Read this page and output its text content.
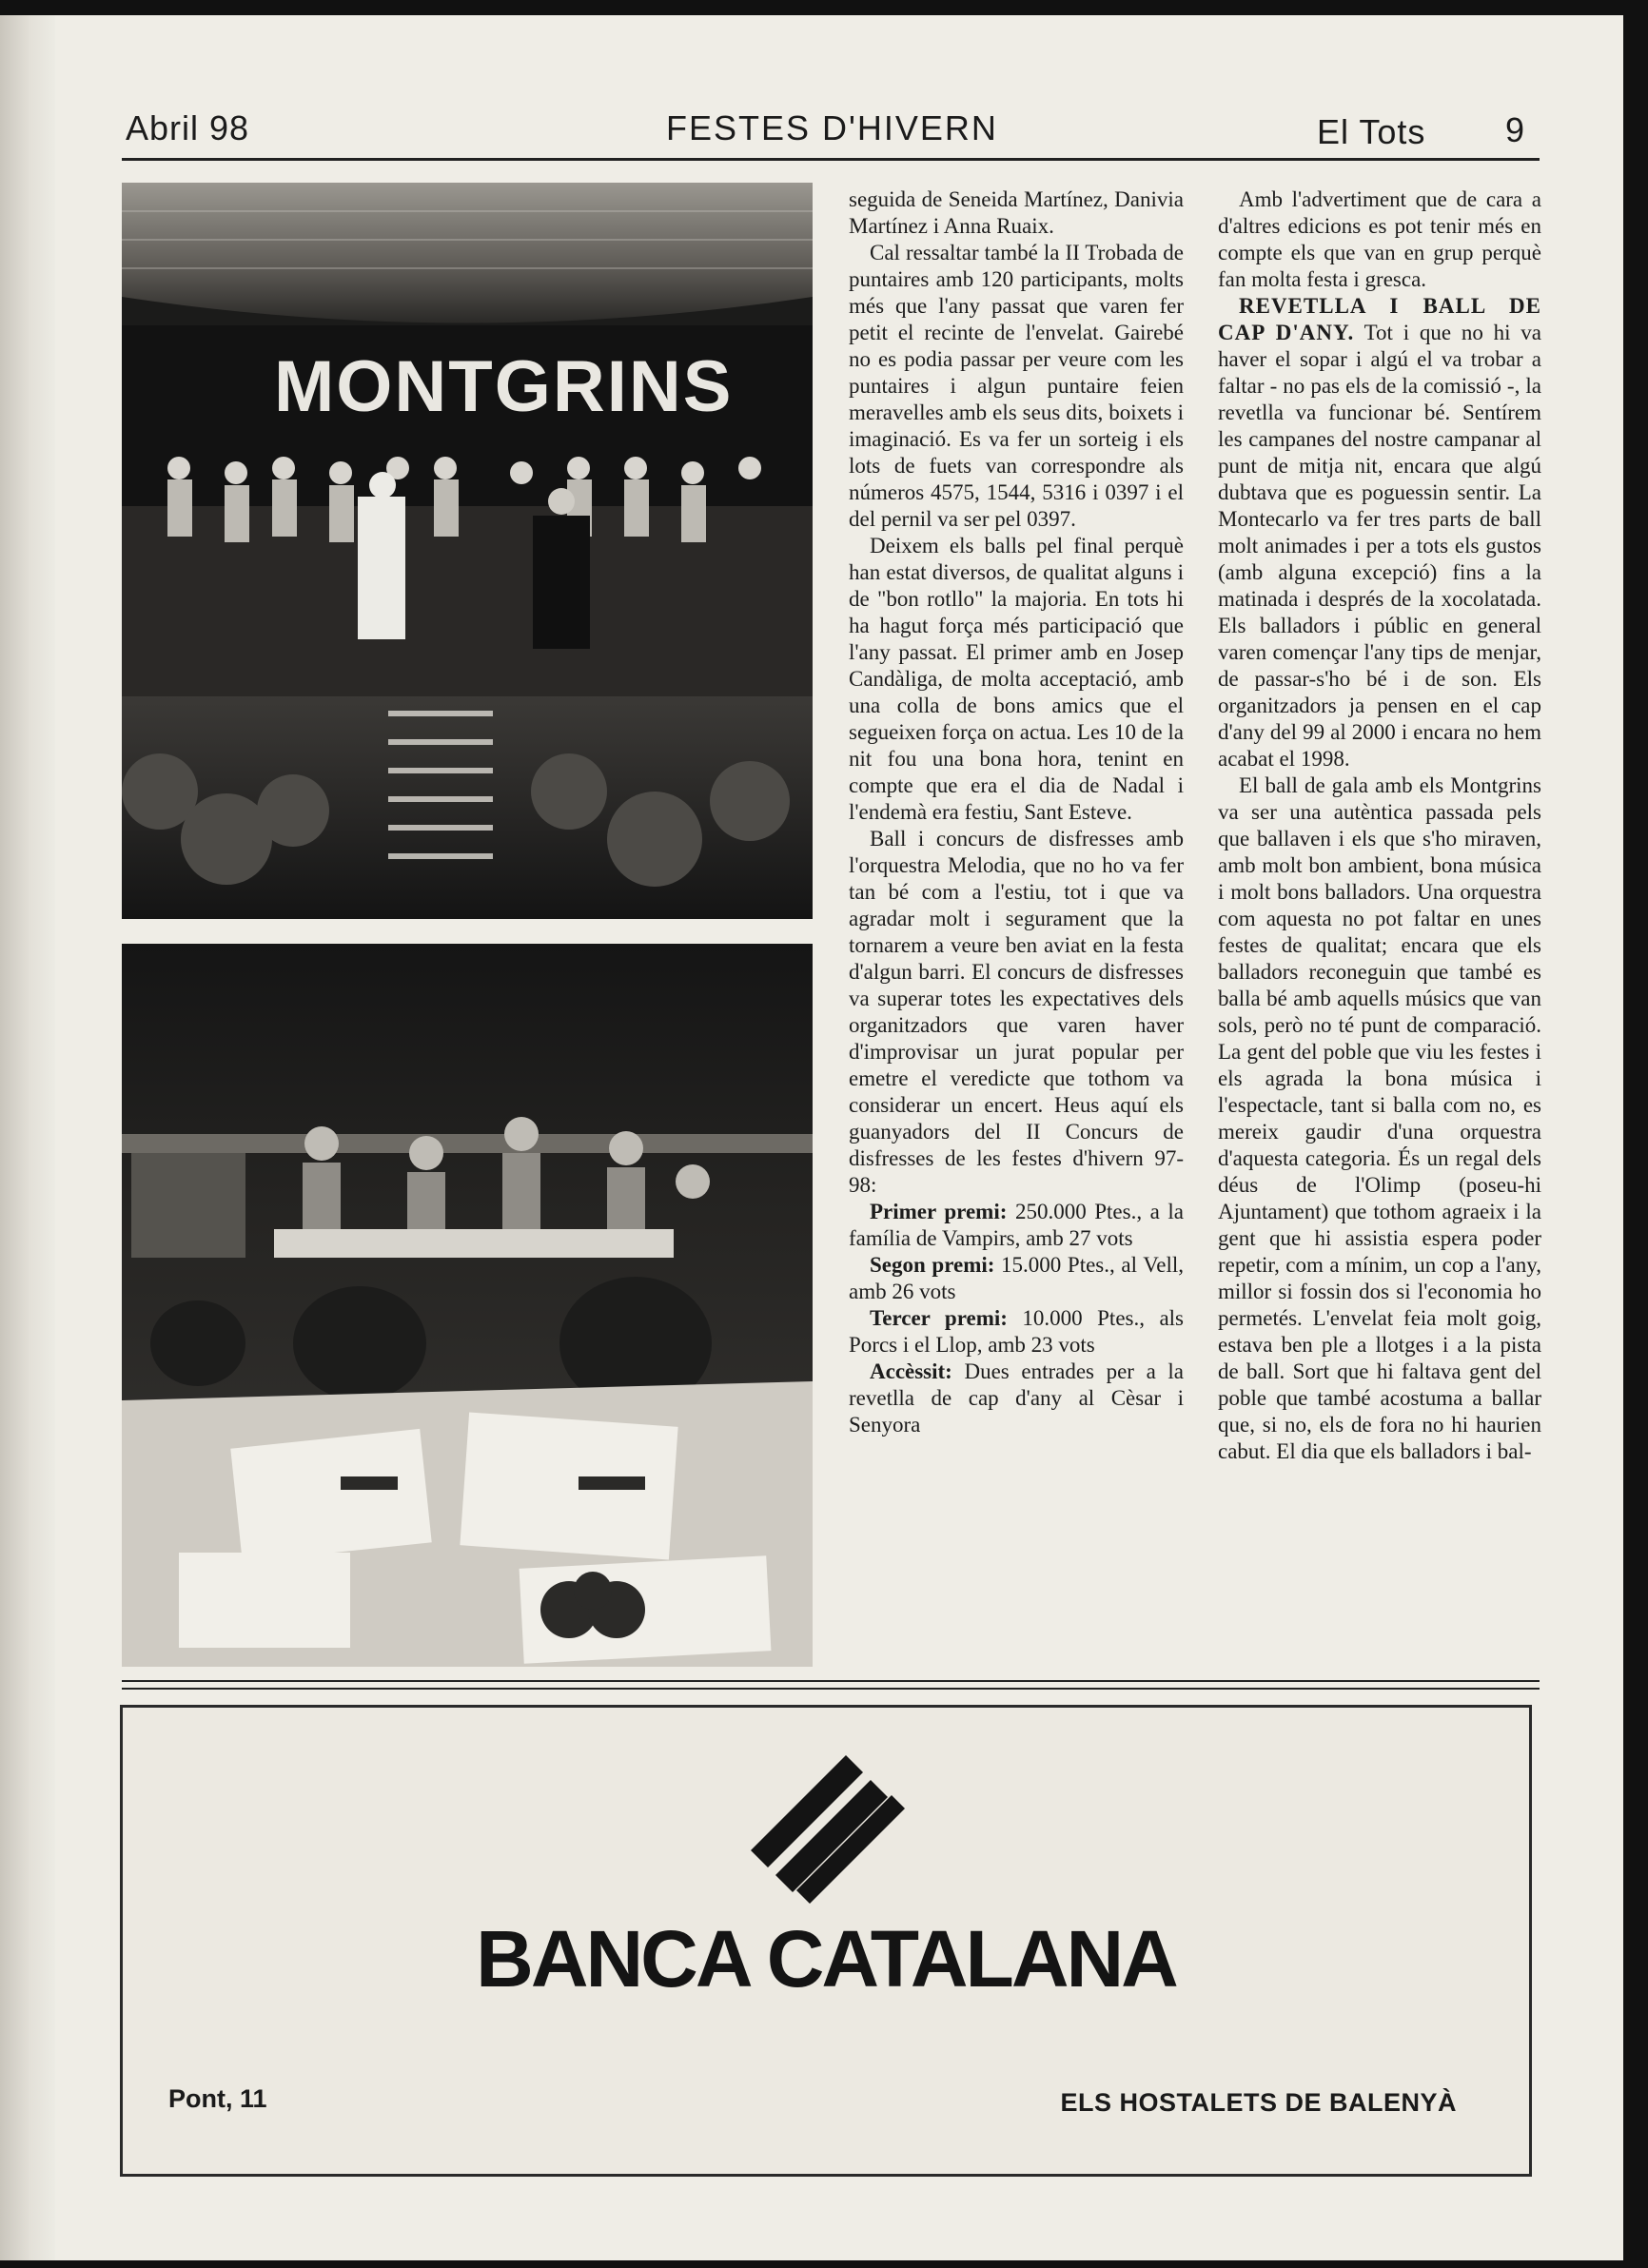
Abril 98	FESTES D'HIVERN	El Tots 9
MONTGRINS

seguida de Seneida Martínez, Danivia Martínez i Anna Ruaix.

Cal ressaltar també la II Trobada de puntaires amb 120 participants, molts més que l'any passat que varen fer petit el recinte de l'envelat. Gairebé no es podia passar per veure com les puntaires i algun puntaire feien meravelles amb els seus dits, boixets i imaginació. Es va fer un sorteig i els lots de fuets van correspondre als números 4575, 1544, 5316 i 0397 i el del pernil va ser pel 0397.

Deixem els balls pel final perquè han estat diversos, de qualitat alguns i de "bon rotllo" la majoria. En tots hi ha hagut força més participació que l'any passat. El primer amb en Josep Candàliga, de molta acceptació, amb una colla de bons amics que el segueixen força on actua. Les 10 de la nit fou una bona hora, tenint en compte que era el dia de Nadal i l'endemà era festiu, Sant Esteve.

Ball i concurs de disfresses amb l'orquestra Melodia, que no ho va fer tan bé com a l'estiu, tot i que va agradar molt i segurament que la tornarem a veure ben aviat en la festa d'algun barri. El concurs de disfresses va superar totes les expectatives dels organitzadors que varen haver d'improvisar un jurat popular per emetre el veredicte que tothom va considerar un encert. Heus aquí els guanyadors del II Concurs de disfresses de les festes d'hivern 97-98:

Primer premi: 250.000 Ptes., a la família de Vampirs, amb 27 vots

Segon premi: 15.000 Ptes., al Vell, amb 26 vots

Tercer premi: 10.000 Ptes., als Porcs i el Llop, amb 23 vots

Accèssit: Dues entrades per a la revetlla de cap d'any al Cèsar i Senyora

Amb l'advertiment que de cara a d'altres edicions es pot tenir més en compte els que van en grup perquè fan molta festa i gresca.

REVETLLA I BALL DE CAP D'ANY. Tot i que no hi va haver el sopar i algú el va trobar a faltar - no pas els de la comissió -, la revetlla va funcionar bé. Sentírem les campanes del nostre campanar al punt de mitja nit, encara que algú dubtava que es poguessin sentir. La Montecarlo va fer tres parts de ball molt animades i per a tots els gustos (amb alguna excepció) fins a la matinada i després de la xocolatada. Els balladors i públic en general varen començar l'any tips de menjar, de passar-s'ho bé i de son. Els organitzadors ja pensen en el cap d'any del 99 al 2000 i encara no hem acabat el 1998.

El ball de gala amb els Montgrins va ser una autèntica passada pels que ballaven i els que s'ho miraven, amb molt bon ambient, bona música i molt bons balladors. Una orquestra com aquesta no pot faltar en unes festes de qualitat; encara que els balladors reconeguin que també es balla bé amb aquells músics que van sols, però no té punt de comparació. La gent del poble que viu les festes i els agrada la bona música i l'espectacle, tant si balla com no, es mereix gaudir d'una orquestra d'aquesta categoria. És un regal dels déus de l'Olimp (poseu-hi Ajuntament) que tothom agraeix i la gent que hi assistia espera poder repetir, com a mínim, un cop a l'any, millor si fossin dos si l'economia ho permetés. L'envelat feia molt goig, estava ben ple a llotges i a la pista de ball. Sort que hi faltava gent del poble que també acostuma a ballar que, si no, els de fora no hi haurien cabut. El dia que els balladors i bal-

BANCA CATALANA
Pont, 11	ELS HOSTALETS DE BALENYÀ
